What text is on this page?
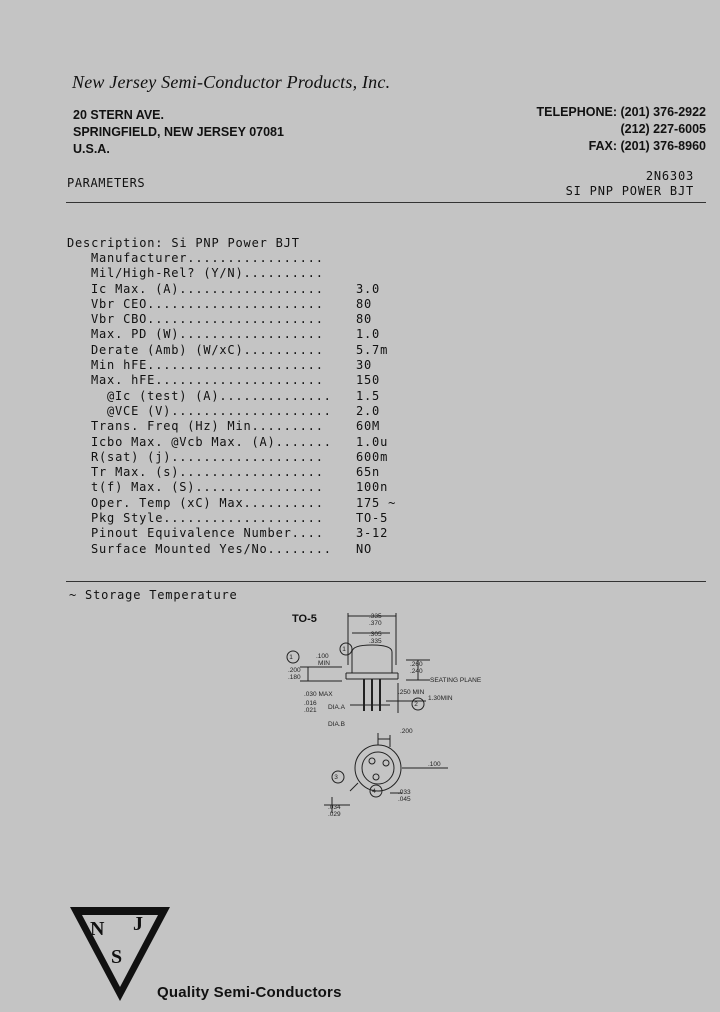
New Jersey Semi-Conductor Products, Inc.
20 STERN AVE.
SPRINGFIELD, NEW JERSEY 07081
U.S.A.
TELEPHONE: (201) 376-2922
(212) 227-6005
FAX: (201) 376-8960
PARAMETERS	2N6303
SI PNP POWER BJT
Description: Si PNP Power BJT
Manufacturer.................
Mil/High-Rel? (Y/N)..........
Ic Max. (A)..................	3.0
Vbr CEO......................	80
Vbr CBO......................	80
Max. PD (W)..................	1.0
Derate (Amb) (W/xC)..........	5.7m
Min hFE......................	30
Max. hFE.....................	150
@Ic (test) (A).............. 1.5
@VCE (V).................... 2.0
Trans. Freq (Hz) Min.........	60M
Icbo Max. @Vcb Max. (A)....... 1.0u
R(sat) (j)...................	600m
Tr Max. (s)..................	65n
t(f) Max. (S)................	100n
Oper. Temp (xC) Max..........	175 ~
Pkg Style....................	TO-5
Pinout Equivalence Number....	3-12
Surface Mounted Yes/No........ NO
~ Storage Temperature
TO-5	.335
.370
.305
.335
.100
MIN
.200
.180
.260
.240
SEATING PLANE
.030 MAX	.250 MIN
1.30MIN
.016
.021 DIA.A
DIA.B
.200
.034
.029
.033
.045
.100
1
1
2
3
4
N J
S
Quality Semi-Conductors
